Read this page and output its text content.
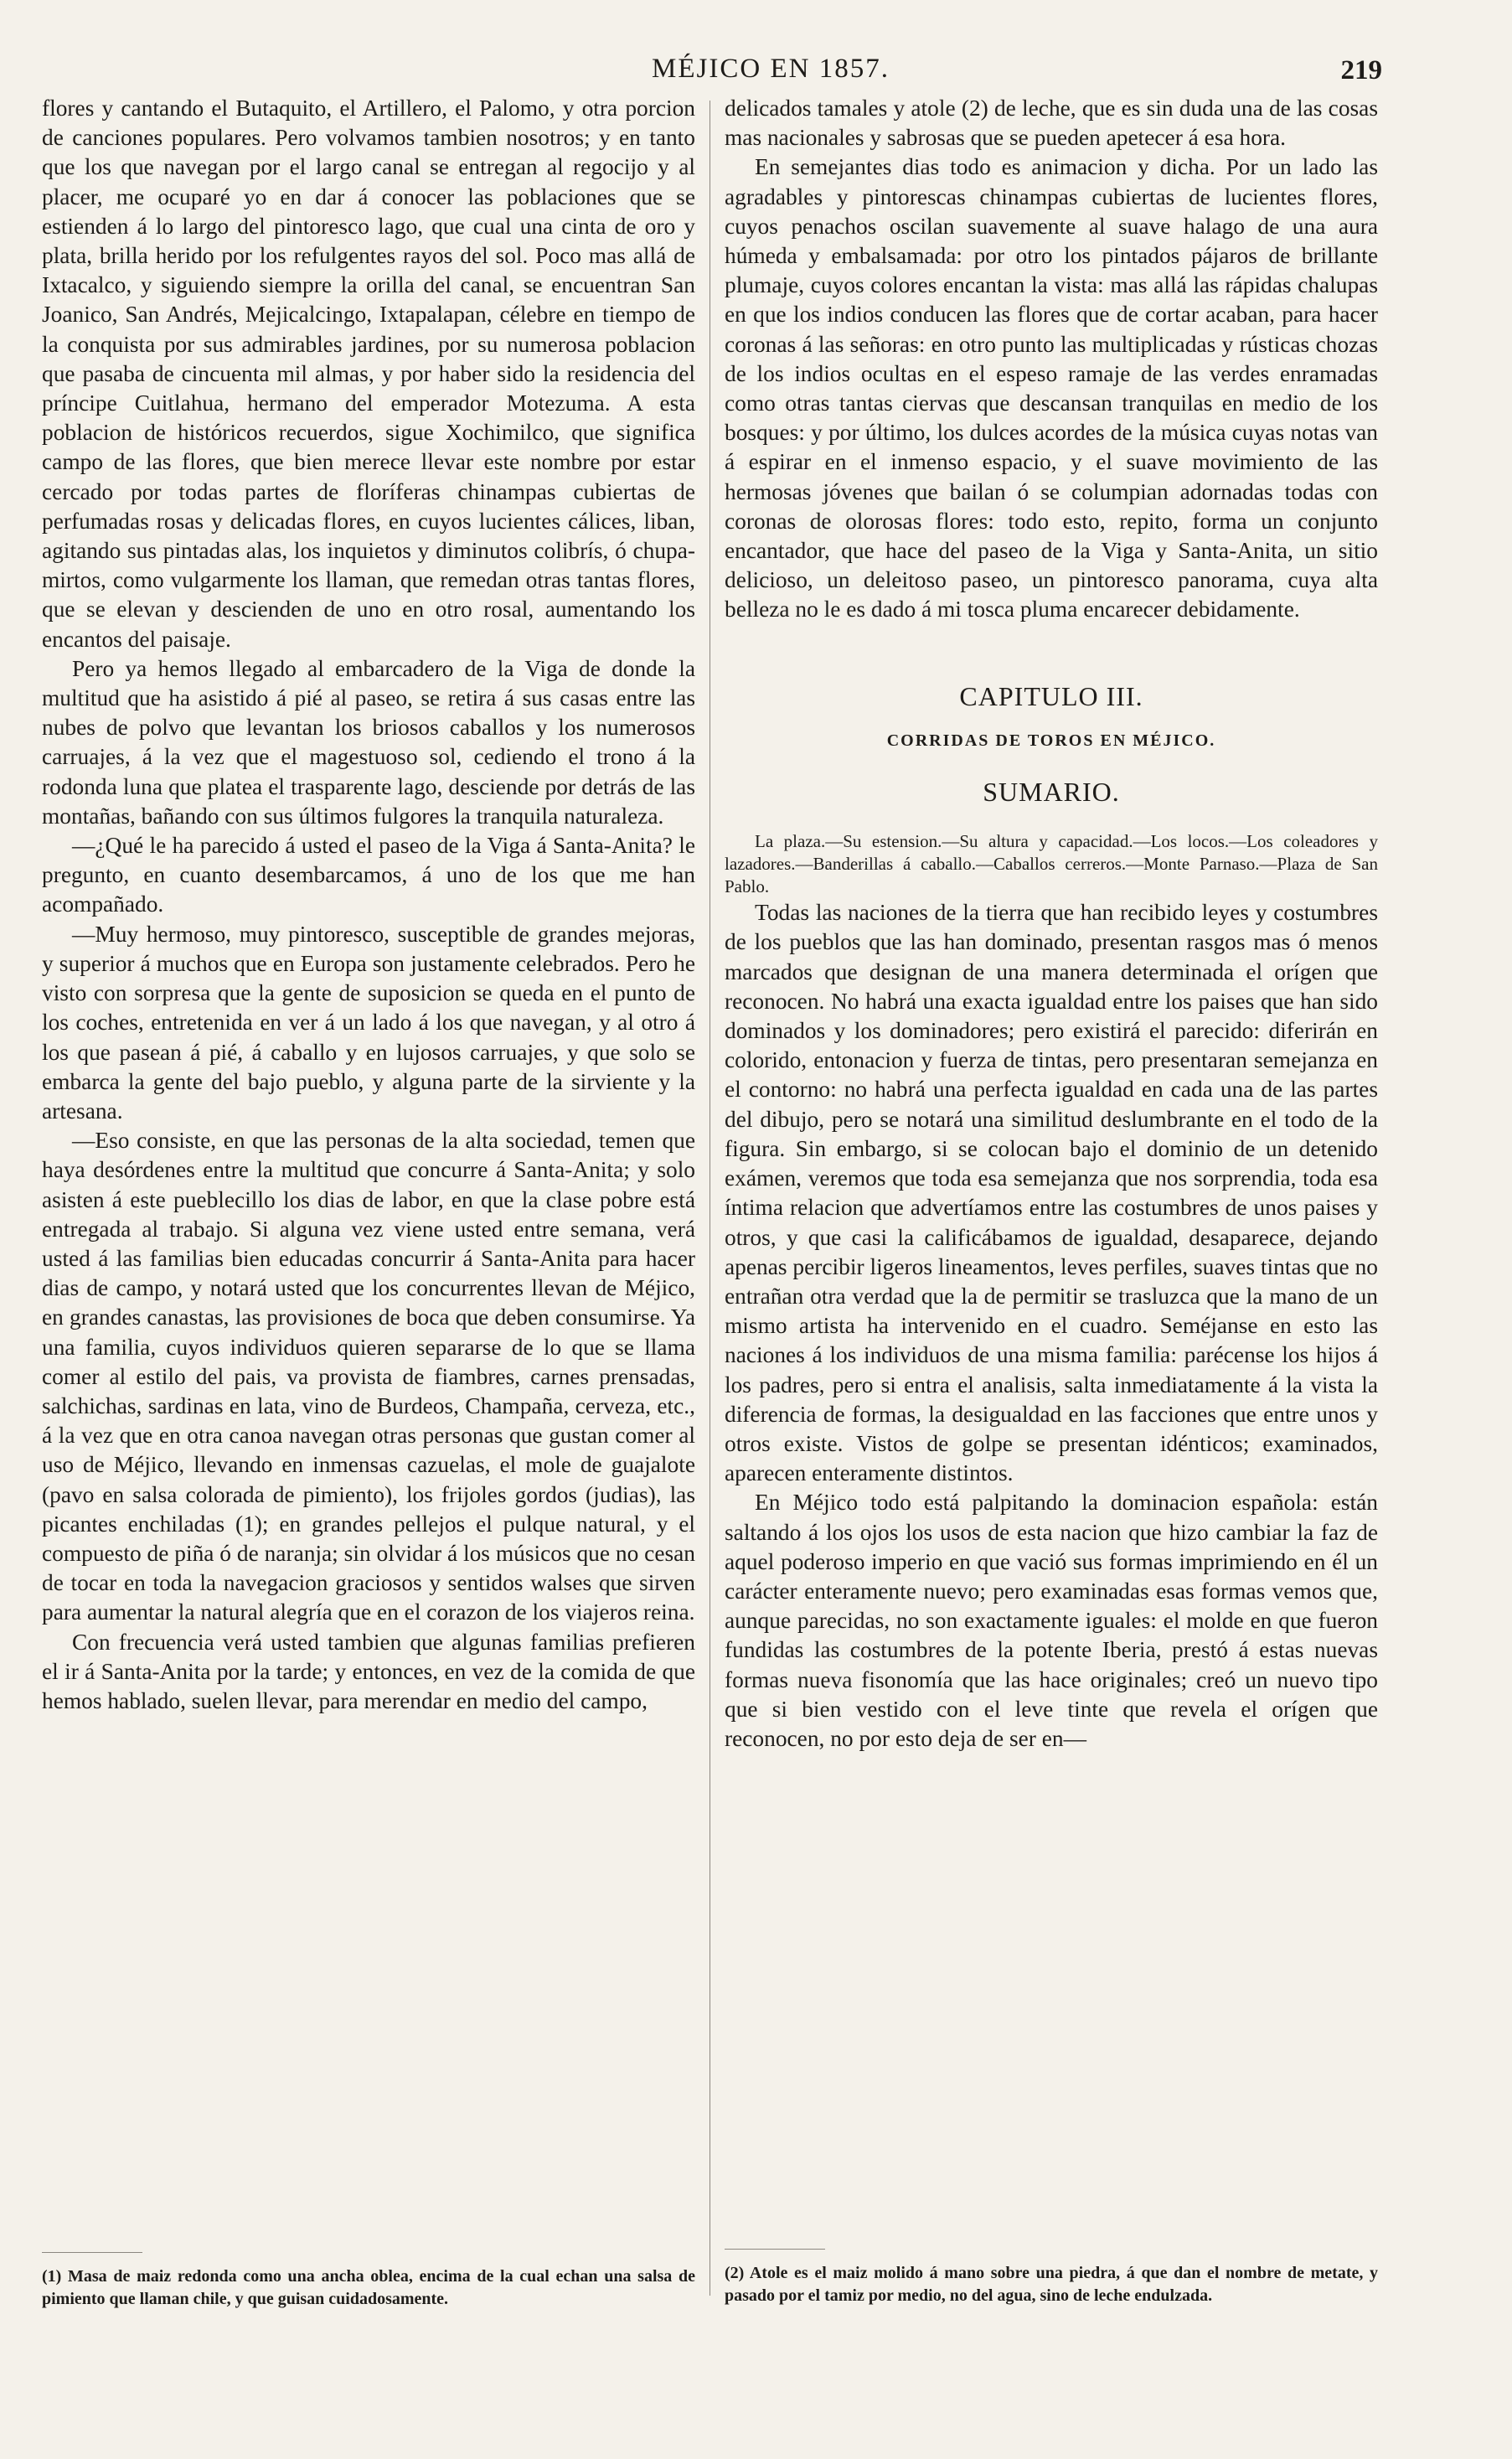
MÉJICO EN 1857.	219

flores y cantando el Butaquito, el Artillero, el Palomo, y otra porcion de canciones populares. Pero volvamos tambien nosotros; y en tanto que los que navegan por el largo canal se entregan al regocijo y al placer, me ocuparé yo en dar á conocer las poblaciones que se estienden á lo largo del pintoresco lago, que cual una cinta de oro y plata, brilla herido por los refulgentes rayos del sol. Poco mas allá de Ixtacalco, y siguiendo siempre la orilla del canal, se encuentran San Joanico, San Andrés, Mejicalcingo, Ixtapalapan, célebre en tiempo de la conquista por sus admirables jardines, por su numerosa poblacion que pasaba de cincuenta mil almas, y por haber sido la residencia del príncipe Cuitlahua, hermano del emperador Motezuma. A esta poblacion de históricos recuerdos, sigue Xochimilco, que significa campo de las flores, que bien merece llevar este nombre por estar cercado por todas partes de floríferas chinampas cubiertas de perfumadas rosas y delicadas flores, en cuyos lucientes cálices, liban, agitando sus pintadas alas, los inquietos y diminutos colibrís, ó chupa-mirtos, como vulgarmente los llaman, que remedan otras tantas flores, que se elevan y descienden de uno en otro rosal, aumentando los encantos del paisaje.

Pero ya hemos llegado al embarcadero de la Viga de donde la multitud que ha asistido á pié al paseo, se retira á sus casas entre las nubes de polvo que levantan los briosos caballos y los numerosos carruajes, á la vez que el magestuoso sol, cediendo el trono á la rodonda luna que platea el trasparente lago, desciende por detrás de las montañas, bañando con sus últimos fulgores la tranquila naturaleza.

—¿Qué le ha parecido á usted el paseo de la Viga á Santa-Anita? le pregunto, en cuanto desembarcamos, á uno de los que me han acompañado.

—Muy hermoso, muy pintoresco, susceptible de grandes mejoras, y superior á muchos que en Europa son justamente celebrados. Pero he visto con sorpresa que la gente de suposicion se queda en el punto de los coches, entretenida en ver á un lado á los que navegan, y al otro á los que pasean á pié, á caballo y en lujosos carruajes, y que solo se embarca la gente del bajo pueblo, y alguna parte de la sirviente y la artesana.

—Eso consiste, en que las personas de la alta sociedad, temen que haya desórdenes entre la multitud que concurre á Santa-Anita; y solo asisten á este pueblecillo los dias de labor, en que la clase pobre está entregada al trabajo. Si alguna vez viene usted entre semana, verá usted á las familias bien educadas concurrir á Santa-Anita para hacer dias de campo, y notará usted que los concurrentes llevan de Méjico, en grandes canastas, las provisiones de boca que deben consumirse. Ya una familia, cuyos individuos quieren separarse de lo que se llama comer al estilo del pais, va provista de fiambres, carnes prensadas, salchichas, sardinas en lata, vino de Burdeos, Champaña, cerveza, etc., á la vez que en otra canoa navegan otras personas que gustan comer al uso de Méjico, llevando en inmensas cazuelas, el mole de guajalote (pavo en salsa colorada de pimiento), los frijoles gordos (judias), las picantes enchiladas (1); en grandes pellejos el pulque natural, y el compuesto de piña ó de naranja; sin olvidar á los músicos que no cesan de tocar en toda la navegacion graciosos y sentidos walses que sirven para aumentar la natural alegría que en el corazon de los viajeros reina.

Con frecuencia verá usted tambien que algunas familias prefieren el ir á Santa-Anita por la tarde; y entonces, en vez de la comida de que hemos hablado, suelen llevar, para merendar en medio del campo,

delicados tamales y atole (2) de leche, que es sin duda una de las cosas mas nacionales y sabrosas que se pueden apetecer á esa hora.

En semejantes dias todo es animacion y dicha. Por un lado las agradables y pintorescas chinampas cubiertas de lucientes flores, cuyos penachos oscilan suavemente al suave halago de una aura húmeda y embalsamada: por otro los pintados pájaros de brillante plumaje, cuyos colores encantan la vista: mas allá las rápidas chalupas en que los indios conducen las flores que de cortar acaban, para hacer coronas á las señoras: en otro punto las multiplicadas y rústicas chozas de los indios ocultas en el espeso ramaje de las verdes enramadas como otras tantas ciervas que descansan tranquilas en medio de los bosques: y por último, los dulces acordes de la música cuyas notas van á espirar en el inmenso espacio, y el suave movimiento de las hermosas jóvenes que bailan ó se columpian adornadas todas con coronas de olorosas flores: todo esto, repito, forma un conjunto encantador, que hace del paseo de la Viga y Santa-Anita, un sitio delicioso, un deleitoso paseo, un pintoresco panorama, cuya alta belleza no le es dado á mi tosca pluma encarecer debidamente.

CAPITULO III.
CORRIDAS DE TOROS EN MÉJICO.
SUMARIO.

La plaza.—Su estension.—Su altura y capacidad.—Los locos.—Los coleadores y lazadores.—Banderillas á caballo.—Caballos cerreros.—Monte Parnaso.—Plaza de San Pablo.

Todas las naciones de la tierra que han recibido leyes y costumbres de los pueblos que las han dominado, presentan rasgos mas ó menos marcados que designan de una manera determinada el orígen que reconocen. No habrá una exacta igualdad entre los paises que han sido dominados y los dominadores; pero existirá el parecido: diferirán en colorido, entonacion y fuerza de tintas, pero presentaran semejanza en el contorno: no habrá una perfecta igualdad en cada una de las partes del dibujo, pero se notará una similitud deslumbrante en el todo de la figura. Sin embargo, si se colocan bajo el dominio de un detenido exámen, veremos que toda esa semejanza que nos sorprendia, toda esa íntima relacion que advertíamos entre las costumbres de unos paises y otros, y que casi la calificábamos de igualdad, desaparece, dejando apenas percibir ligeros lineamentos, leves perfiles, suaves tintas que no entrañan otra verdad que la de permitir se trasluzca que la mano de un mismo artista ha intervenido en el cuadro. Seméjanse en esto las naciones á los individuos de una misma familia: parécense los hijos á los padres, pero si entra el analisis, salta inmediatamente á la vista la diferencia de formas, la desigualdad en las facciones que entre unos y otros existe. Vistos de golpe se presentan idénticos; examinados, aparecen enteramente distintos.

En Méjico todo está palpitando la dominacion española: están saltando á los ojos los usos de esta nacion que hizo cambiar la faz de aquel poderoso imperio en que vació sus formas imprimiendo en él un carácter enteramente nuevo; pero examinadas esas formas vemos que, aunque parecidas, no son exactamente iguales: el molde en que fueron fundidas las costumbres de la potente Iberia, prestó á estas nuevas formas nueva fisonomía que las hace originales; creó un nuevo tipo que si bien vestido con el leve tinte que revela el orígen que reconocen, no por esto deja de ser en—

(1) Masa de maiz redonda como una ancha oblea, encima de la cual echan una salsa de pimiento que llaman chile, y que guisan cuidadosamente.
(2) Atole es el maiz molido á mano sobre una piedra, á que dan el nombre de metate, y pasado por el tamiz por medio, no del agua, sino de leche endulzada.
